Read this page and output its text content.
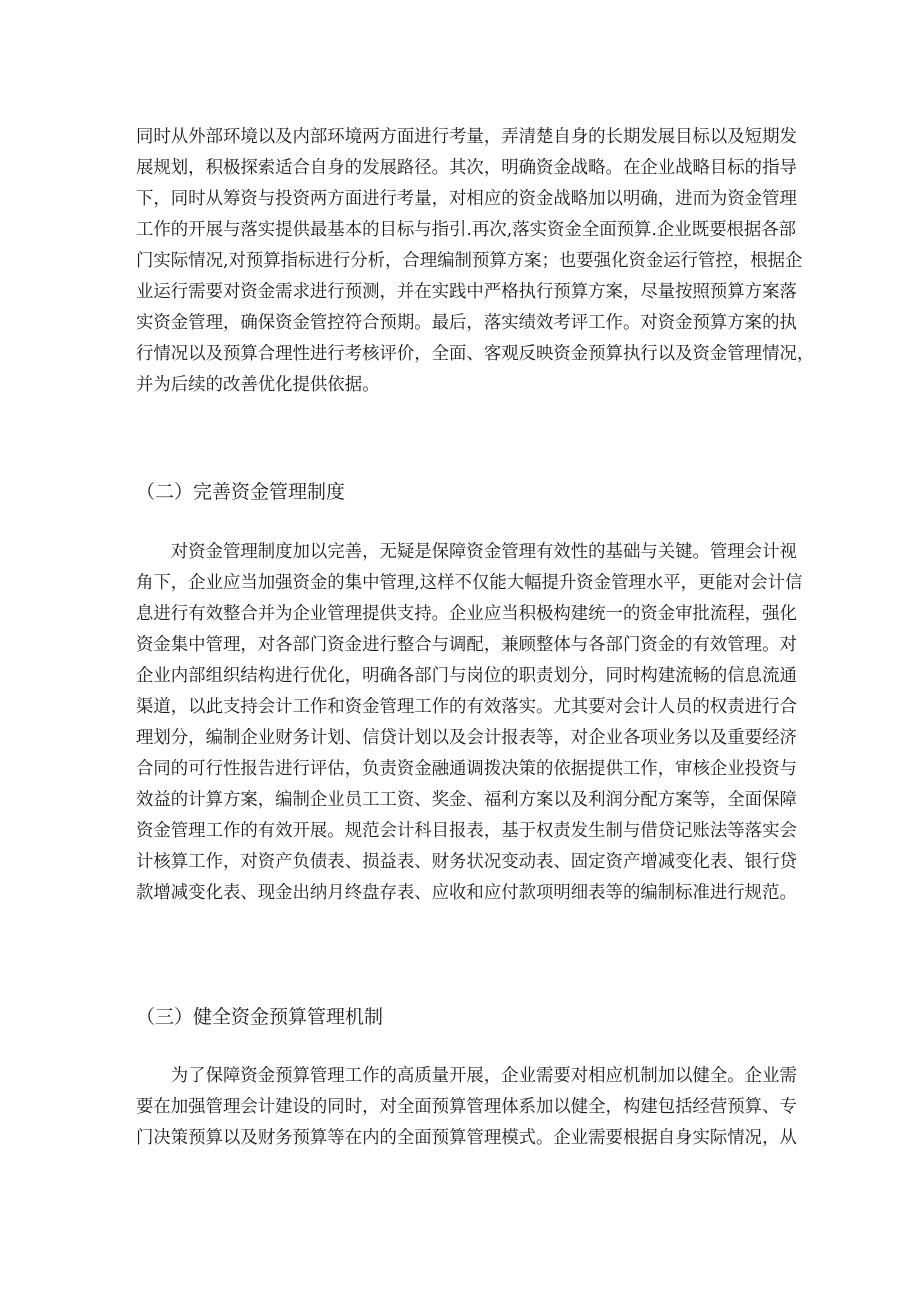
同时从外部环境以及内部环境两方面进行考量，弄清楚自身的长期发展目标以及短期发
展规划，积极探索适合自身的发展路径。其次，明确资金战略。在企业战略目标的指导
下，同时从筹资与投资两方面进行考量，对相应的资金战略加以明确，进而为资金管理
工作的开展与落实提供最基本的目标与指引.再次,落实资金全面预算.企业既要根据各部
门实际情况,对预算指标进行分析，合理编制预算方案；也要强化资金运行管控，根据企
业运行需要对资金需求进行预测，并在实践中严格执行预算方案，尽量按照预算方案落
实资金管理，确保资金管控符合预期。最后，落实绩效考评工作。对资金预算方案的执
行情况以及预算合理性进行考核评价，全面、客观反映资金预算执行以及资金管理情况，
并为后续的改善优化提供依据。
（二）完善资金管理制度
　　对资金管理制度加以完善，无疑是保障资金管理有效性的基础与关键。管理会计视
角下，企业应当加强资金的集中管理,这样不仅能大幅提升资金管理水平，更能对会计信
息进行有效整合并为企业管理提供支持。企业应当积极构建统一的资金审批流程，强化
资金集中管理，对各部门资金进行整合与调配，兼顾整体与各部门资金的有效管理。对
企业内部组织结构进行优化，明确各部门与岗位的职责划分，同时构建流畅的信息流通
渠道，以此支持会计工作和资金管理工作的有效落实。尤其要对会计人员的权责进行合
理划分，编制企业财务计划、信贷计划以及会计报表等，对企业各项业务以及重要经济
合同的可行性报告进行评估，负责资金融通调拨决策的依据提供工作，审核企业投资与
效益的计算方案，编制企业员工工资、奖金、福利方案以及利润分配方案等，全面保障
资金管理工作的有效开展。规范会计科目报表，基于权责发生制与借贷记账法等落实会
计核算工作，对资产负债表、损益表、财务状况变动表、固定资产增减变化表、银行贷
款增减变化表、现金出纳月终盘存表、应收和应付款项明细表等的编制标准进行规范。
（三）健全资金预算管理机制
　　为了保障资金预算管理工作的高质量开展，企业需要对相应机制加以健全。企业需
要在加强管理会计建设的同时，对全面预算管理体系加以健全，构建包括经营预算、专
门决策预算以及财务预算等在内的全面预算管理模式。企业需要根据自身实际情况，从
